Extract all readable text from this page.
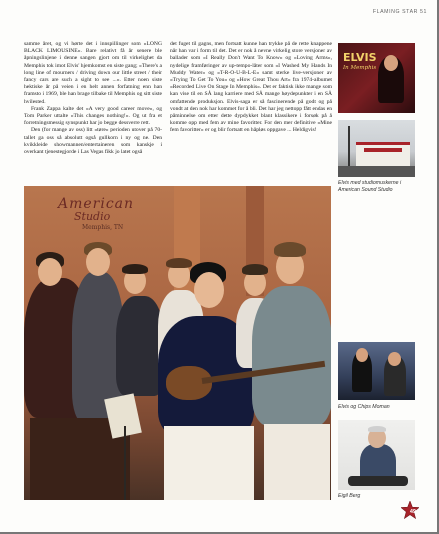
FLAMING STAR 51

samme året, og vi hørte det i innspillinger som «LONG BLACK LIMOUSINE». Bare relativt få år senere ble åpningslinjene i denne sangen gjort om til virkelighet da Memphis tok imot Elvis' hjemkomst en siste gang; «There's a long line of mourners / driving down our little street / their fancy cars are such a sight to see ...». Etter noen siste hektiske år på veien i en helt annen forfatning enn han framsto i 1969, ble han brage tilbake til Memphis og sitt siste hvilested.

Frank Zappa kalte det «A very good career move», og Tom Parker uttalte «This changes nothing!». Og ut fra et forretningsmessig synspunkt har jo begge dessverre rett.

Den (for mange av oss) litt «tøre» perioden utover på 70-tallet ga oss så absolutt også gullkorn i ny og ne. Den kvikkleide showmannen/entertaineren som kanskje i overkant tjenestegjorde i Las Vegas fikk jo latet også

det fuget til gagns, men fortsatt kunne han trykke på de rette knappene når han var i form til det. Det er nok å nevne virkelig store versjoner av ballader som «I Really Don't Want To Know» og «Loving Arms», nydelige framføringer av up-tempo-låter som «I Washed My Hands In Muddy Water» og «T-R-O-U-B-L-E» samt sterke live-versjoner av «Trying To Get To You» og «How Great Thou Art» fra 1974-albumet «Recorded Live On Stage In Memphis». Det er faktisk ikke mange som kan vise til en SÅ lang karriere med SÅ mange høydepunkter i en SÅ omfattende produksjon. Elvis-saga er så fascinerende på godt og på vondt at den nok har kommet for å bli. Det har jeg nettopp fått endas en påminnelse om etter dette dypdykket blant klassikere i forsøk på å komme opp med fem av mine favoritter. For den mer definitive «Mine fem favoritter» er og blir fortsatt en håpløs oppgave ... Heldigvis!

American
Studio
Memphis, TN
ELVIS
In Memphis
Elvis med studiomuskerne i American Sound Studio
Elvis og Chips Moman
Eigil Berg
49
